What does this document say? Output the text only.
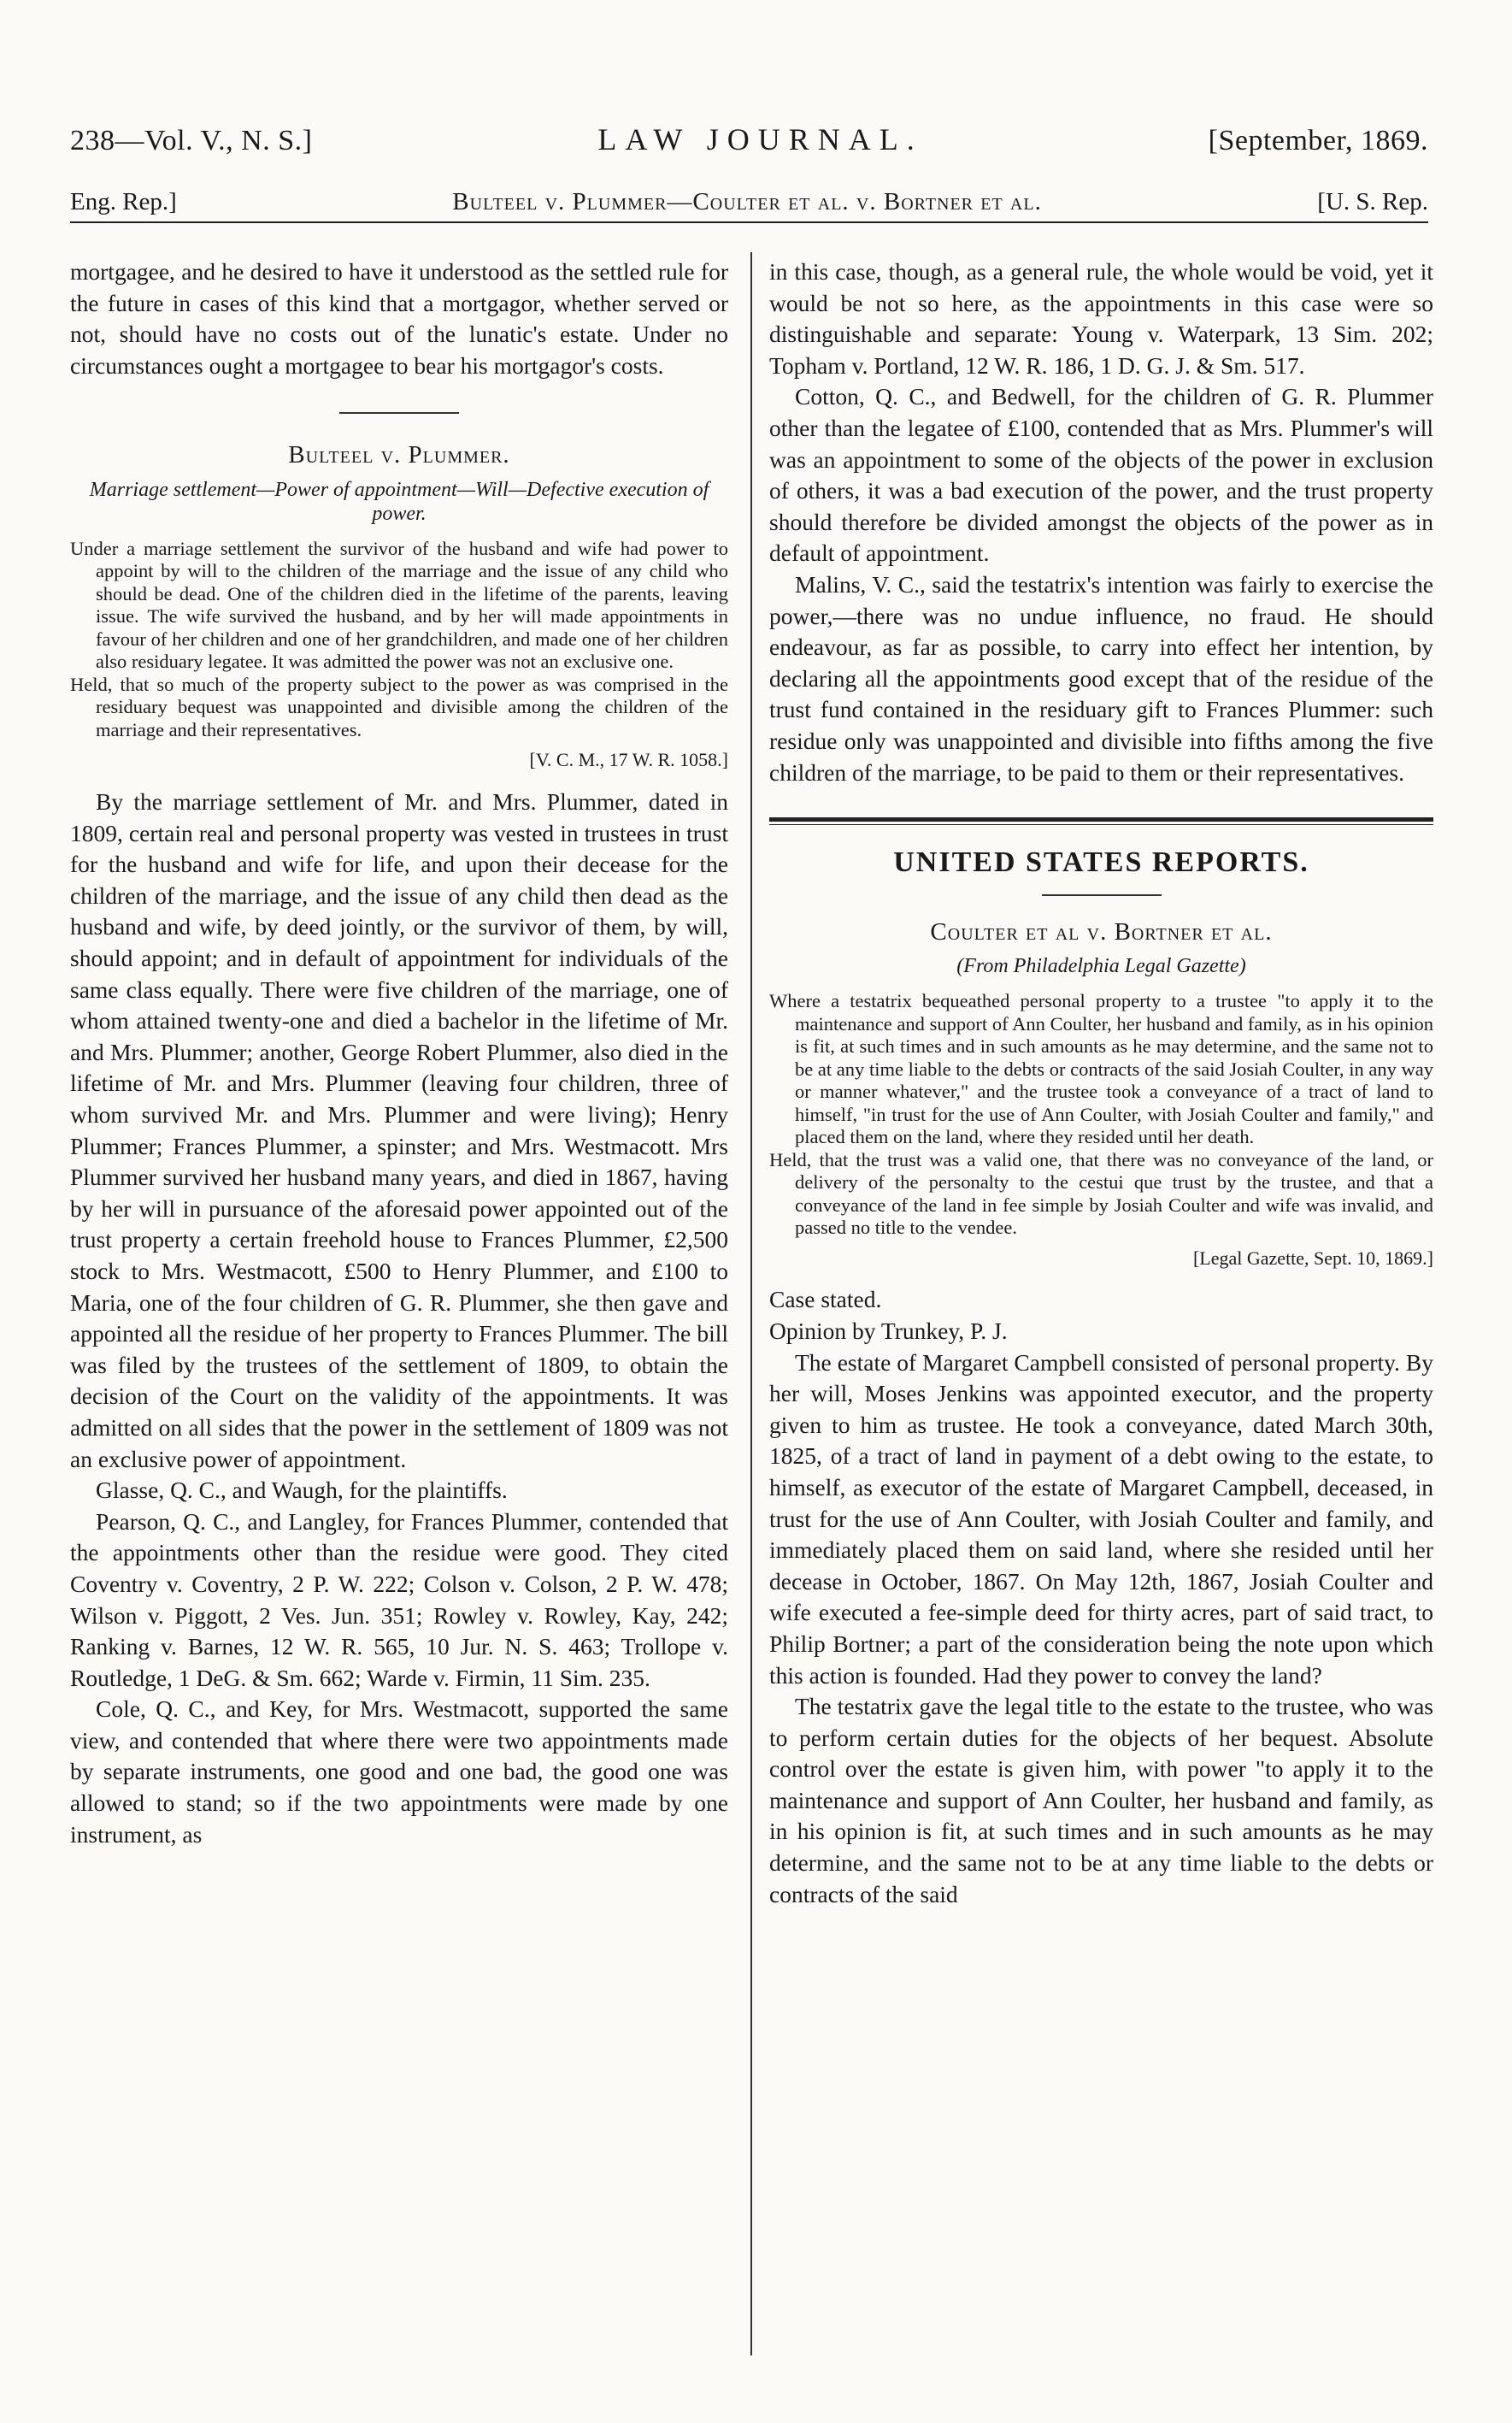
238—Vol. V., N. S.]	LAW JOURNAL.	[September, 1869.
Eng. Rep.]	Bulteel v. Plummer—Coulter et al. v. Bortner et al.	[U. S. Rep.

mortgagee, and he desired to have it understood as the settled rule for the future in cases of this kind that a mortgagor, whether served or not, should have no costs out of the lunatic's estate. Under no circumstances ought a mortgagee to bear his mortgagor's costs.

Bulteel v. Plummer.
Marriage settlement—Power of appointment—Will—Defective execution of power.
Under a marriage settlement the survivor of the husband and wife had power to appoint by will to the children of the marriage and the issue of any child who should be dead. One of the children died in the lifetime of the parents, leaving issue. The wife survived the husband, and by her will made appointments in favour of her children and one of her grandchildren, and made one of her children also residuary legatee. It was admitted the power was not an exclusive one.
Held, that so much of the property subject to the power as was comprised in the residuary bequest was unappointed and divisible among the children of the marriage and their representatives.
[V. C. M., 17 W. R. 1058.]

By the marriage settlement of Mr. and Mrs. Plummer, dated in 1809, certain real and personal property was vested in trustees in trust for the husband and wife for life, and upon their decease for the children of the marriage, and the issue of any child then dead as the husband and wife, by deed jointly, or the survivor of them, by will, should appoint; and in default of appointment for individuals of the same class equally. There were five children of the marriage, one of whom attained twenty-one and died a bachelor in the lifetime of Mr. and Mrs. Plummer; another, George Robert Plummer, also died in the lifetime of Mr. and Mrs. Plummer (leaving four children, three of whom survived Mr. and Mrs. Plummer and were living); Henry Plummer; Frances Plummer, a spinster; and Mrs. Westmacott. Mrs Plummer survived her husband many years, and died in 1867, having by her will in pursuance of the aforesaid power appointed out of the trust property a certain freehold house to Frances Plummer, £2,500 stock to Mrs. Westmacott, £500 to Henry Plummer, and £100 to Maria, one of the four children of G. R. Plummer, she then gave and appointed all the residue of her property to Frances Plummer. The bill was filed by the trustees of the settlement of 1809, to obtain the decision of the Court on the validity of the appointments. It was admitted on all sides that the power in the settlement of 1809 was not an exclusive power of appointment.

Glasse, Q. C., and Waugh, for the plaintiffs.

Pearson, Q. C., and Langley, for Frances Plummer, contended that the appointments other than the residue were good. They cited Coventry v. Coventry, 2 P. W. 222; Colson v. Colson, 2 P. W. 478; Wilson v. Piggott, 2 Ves. Jun. 351; Rowley v. Rowley, Kay, 242; Ranking v. Barnes, 12 W. R. 565, 10 Jur. N. S. 463; Trollope v. Routledge, 1 DeG. & Sm. 662; Warde v. Firmin, 11 Sim. 235.

Cole, Q. C., and Key, for Mrs. Westmacott, supported the same view, and contended that where there were two appointments made by separate instruments, one good and one bad, the good one was allowed to stand; so if the two appointments were made by one instrument, as

in this case, though, as a general rule, the whole would be void, yet it would be not so here, as the appointments in this case were so distinguishable and separate: Young v. Waterpark, 13 Sim. 202; Topham v. Portland, 12 W. R. 186, 1 D. G. J. & Sm. 517.

Cotton, Q. C., and Bedwell, for the children of G. R. Plummer other than the legatee of £100, contended that as Mrs. Plummer's will was an appointment to some of the objects of the power in exclusion of others, it was a bad execution of the power, and the trust property should therefore be divided amongst the objects of the power as in default of appointment.

Malins, V. C., said the testatrix's intention was fairly to exercise the power,—there was no undue influence, no fraud. He should endeavour, as far as possible, to carry into effect her intention, by declaring all the appointments good except that of the residue of the trust fund contained in the residuary gift to Frances Plummer: such residue only was unappointed and divisible into fifths among the five children of the marriage, to be paid to them or their representatives.

UNITED STATES REPORTS.
Coulter et al v. Bortner et al.
(From Philadelphia Legal Gazette)
Where a testatrix bequeathed personal property to a trustee "to apply it to the maintenance and support of Ann Coulter, her husband and family, as in his opinion is fit, at such times and in such amounts as he may determine, and the same not to be at any time liable to the debts or contracts of the said Josiah Coulter, in any way or manner whatever," and the trustee took a conveyance of a tract of land to himself, "in trust for the use of Ann Coulter, with Josiah Coulter and family," and placed them on the land, where they resided until her death.
Held, that the trust was a valid one, that there was no conveyance of the land, or delivery of the personalty to the cestui que trust by the trustee, and that a conveyance of the land in fee simple by Josiah Coulter and wife was invalid, and passed no title to the vendee.
[Legal Gazette, Sept. 10, 1869.]

Case stated.

Opinion by Trunkey, P. J.

The estate of Margaret Campbell consisted of personal property. By her will, Moses Jenkins was appointed executor, and the property given to him as trustee. He took a conveyance, dated March 30th, 1825, of a tract of land in payment of a debt owing to the estate, to himself, as executor of the estate of Margaret Campbell, deceased, in trust for the use of Ann Coulter, with Josiah Coulter and family, and immediately placed them on said land, where she resided until her decease in October, 1867. On May 12th, 1867, Josiah Coulter and wife executed a fee-simple deed for thirty acres, part of said tract, to Philip Bortner; a part of the consideration being the note upon which this action is founded. Had they power to convey the land?

The testatrix gave the legal title to the estate to the trustee, who was to perform certain duties for the objects of her bequest. Absolute control over the estate is given him, with power "to apply it to the maintenance and support of Ann Coulter, her husband and family, as in his opinion is fit, at such times and in such amounts as he may determine, and the same not to be at any time liable to the debts or contracts of the said
